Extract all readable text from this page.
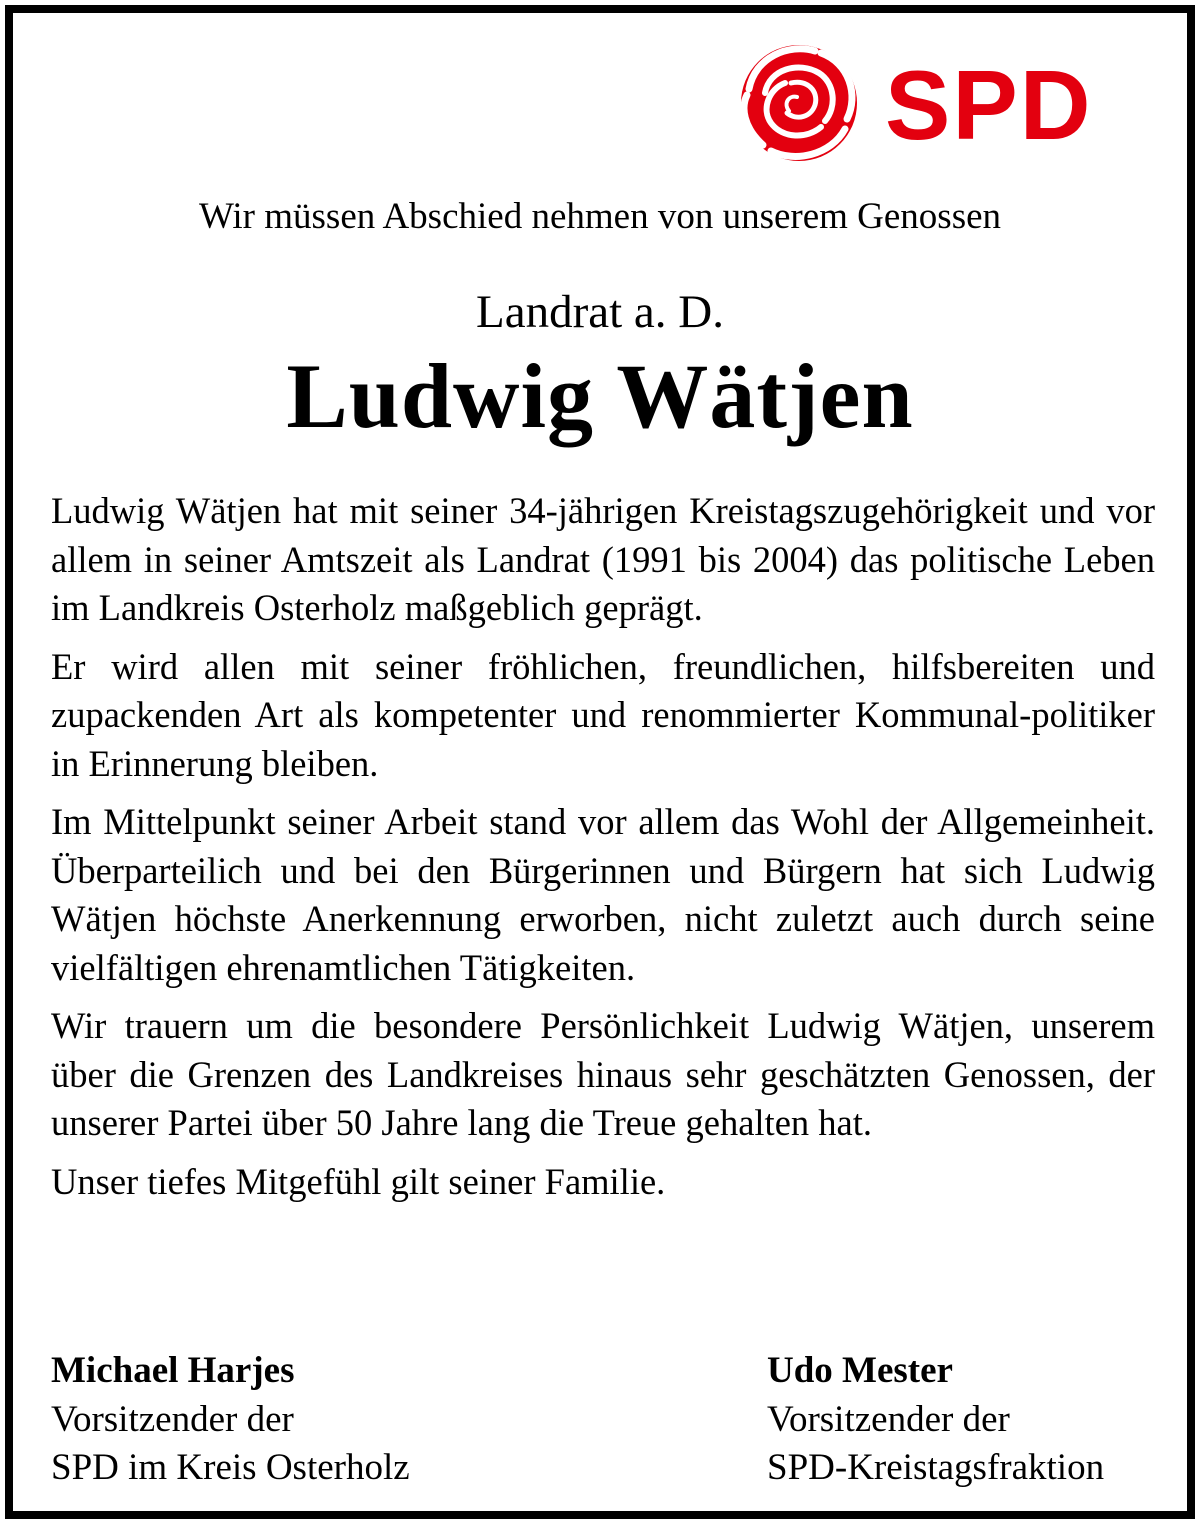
SPD
Wir müssen Abschied nehmen von unserem Genossen
Landrat a. D.
Ludwig Wätjen

Ludwig Wätjen hat mit seiner 34-jährigen Kreistagszugehörigkeit und vor allem in seiner Amtszeit als Landrat (1991 bis 2004) das politische Leben im Landkreis Osterholz maßgeblich geprägt.

Er wird allen mit seiner fröhlichen, freundlichen, hilfsbereiten und zupackenden Art als kompetenter und renommierter Kommunal-politiker in Erinnerung bleiben.

Im Mittelpunkt seiner Arbeit stand vor allem das Wohl der Allgemeinheit. Überparteilich und bei den Bürgerinnen und Bürgern hat sich Ludwig Wätjen höchste Anerkennung erworben, nicht zuletzt auch durch seine vielfältigen ehrenamtlichen Tätigkeiten.

Wir trauern um die besondere Persönlichkeit Ludwig Wätjen, unserem über die Grenzen des Landkreises hinaus sehr geschätzten Genossen, der unserer Partei über 50 Jahre lang die Treue gehalten hat.

Unser tiefes Mitgefühl gilt seiner Familie.

Michael Harjes
Vorsitzender der
SPD im Kreis Osterholz
Udo Mester
Vorsitzender der
SPD-Kreistagsfraktion
